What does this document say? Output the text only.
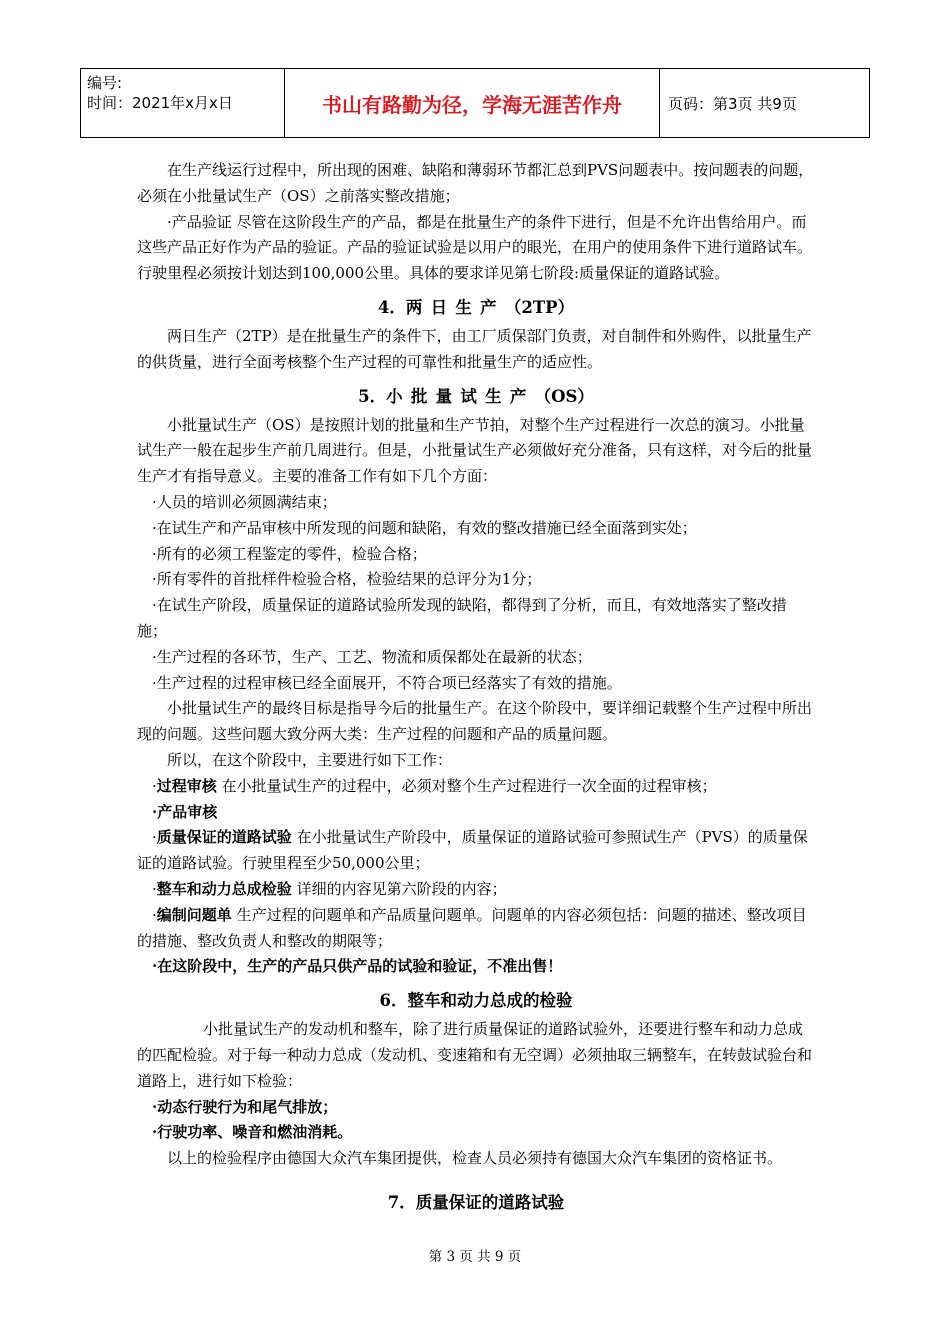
编号:
时间：2021年x月x日	书山有路勤为径，学海无涯苦作舟	页码：第3页 共9页

在生产线运行过程中，所出现的困难、缺陷和薄弱环节都汇总到PVS问题表中。按问题表的问题，必须在小批量试生产（OS）之前落实整改措施；

·产品验证 尽管在这阶段生产的产品，都是在批量生产的条件下进行，但是不允许出售给用户。而这些产品正好作为产品的验证。产品的验证试验是以用户的眼光，在用户的使用条件下进行道路试车。行驶里程必须按计划达到100,000公里。具体的要求详见第七阶段:质量保证的道路试验。

4．两日生产（2TP）

两日生产（2TP）是在批量生产的条件下，由工厂质保部门负责，对自制件和外购件，以批量生产的供货量，进行全面考核整个生产过程的可靠性和批量生产的适应性。

5．小批量试生产（OS）

小批量试生产（OS）是按照计划的批量和生产节拍，对整个生产过程进行一次总的演习。小批量试生产一般在起步生产前几周进行。但是，小批量试生产必须做好充分准备，只有这样，对今后的批量生产才有指导意义。主要的准备工作有如下几个方面：

·人员的培训必须圆满结束；

·在试生产和产品审核中所发现的问题和缺陷，有效的整改措施已经全面落到实处；

·所有的必须工程鉴定的零件，检验合格；

·所有零件的首批样件检验合格，检验结果的总评分为1分；

·在试生产阶段，质量保证的道路试验所发现的缺陷，都得到了分析，而且，有效地落实了整改措施；

·生产过程的各环节，生产、工艺、物流和质保都处在最新的状态；

·生产过程的过程审核已经全面展开，不符合项已经落实了有效的措施。

小批量试生产的最终目标是指导今后的批量生产。在这个阶段中，要详细记载整个生产过程中所出现的问题。这些问题大致分两大类：生产过程的问题和产品的质量问题。

所以，在这个阶段中，主要进行如下工作：

·过程审核 在小批量试生产的过程中，必须对整个生产过程进行一次全面的过程审核；

·产品审核

·质量保证的道路试验 在小批量试生产阶段中，质量保证的道路试验可参照试生产（PVS）的质量保证的道路试验。行驶里程至少50,000公里；

·整车和动力总成检验 详细的内容见第六阶段的内容；

·编制问题单 生产过程的问题单和产品质量问题单。问题单的内容必须包括：问题的描述、整改项目的措施、整改负责人和整改的期限等；

·在这阶段中，生产的产品只供产品的试验和验证，不准出售！

6．整车和动力总成的检验

小批量试生产的发动机和整车，除了进行质量保证的道路试验外，还要进行整车和动力总成的匹配检验。对于每一种动力总成（发动机、变速箱和有无空调）必须抽取三辆整车，在转鼓试验台和道路上，进行如下检验：

·动态行驶行为和尾气排放；

·行驶功率、噪音和燃油消耗。

以上的检验程序由德国大众汽车集团提供，检查人员必须持有德国大众汽车集团的资格证书。

7．质量保证的道路试验

第 3 页 共 9 页
